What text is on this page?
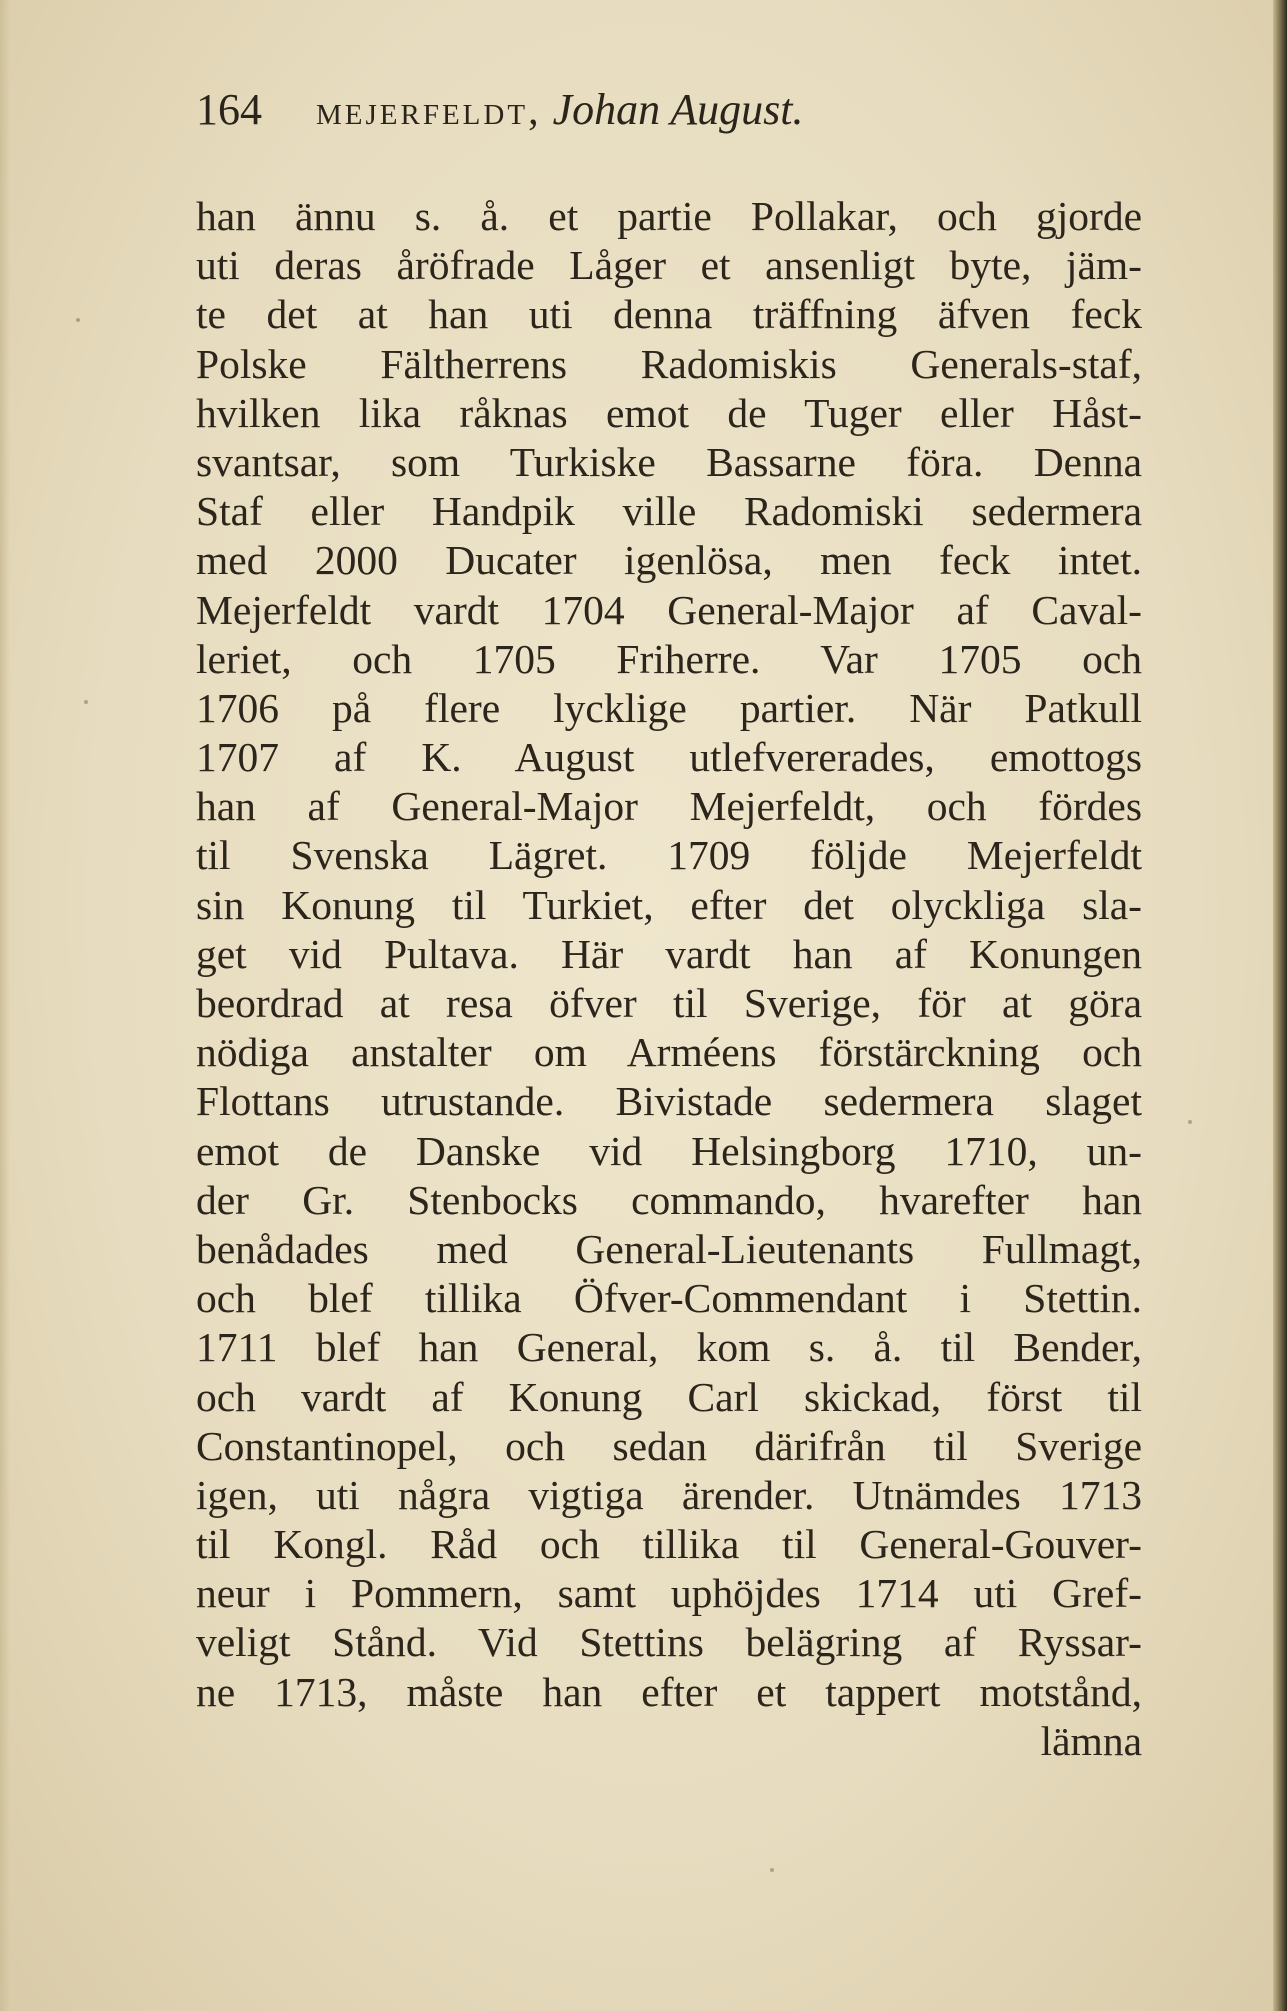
164 mejerfeldt , Johan August.
han ännu s. å. et partie Pollakar, och gjorde
uti deras åröfrade Låger et ansenligt byte, jäm-
te det at han uti denna träffning äfven feck
Polske Fältherrens Radomiskis Generals-staf,
hvilken lika råknas emot de Tuger eller Håst-
svantsar, som Turkiske Bassarne föra. Denna
Staf eller Handpik ville Radomiski sedermera
med 2000 Ducater igenlösa, men feck intet.
Mejerfeldt vardt 1704 General-Major af Caval-
leriet, och 1705 Friherre. Var 1705 och
1706 på flere lycklige partier. När Patkull
1707 af K. August utlefvererades, emottogs
han af General-Major Mejerfeldt, och fördes
til Svenska Lägret. 1709 följde Mejerfeldt
sin Konung til Turkiet, efter det olyckliga sla-
get vid Pultava. Här vardt han af Konungen
beordrad at resa öfver til Sverige, för at göra
nödiga anstalter om Arméens förstärckning och
Flottans utrustande. Bivistade sedermera slaget
emot de Danske vid Helsingborg 1710, un-
der Gr. Stenbocks commando, hvarefter han
benådades med General-Lieutenants Fullmagt,
och blef tillika Öfver-Commendant i Stettin.
1711 blef han General, kom s. å. til Bender,
och vardt af Konung Carl skickad, först til
Constantinopel, och sedan därifrån til Sverige
igen, uti några vigtiga ärender. Utnämdes 1713
til Kongl. Råd och tillika til General-Gouver-
neur i Pommern, samt uphöjdes 1714 uti Gref-
veligt Stånd. Vid Stettins belägring af Ryssar-
ne 1713, måste han efter et tappert motstånd,
lämna
